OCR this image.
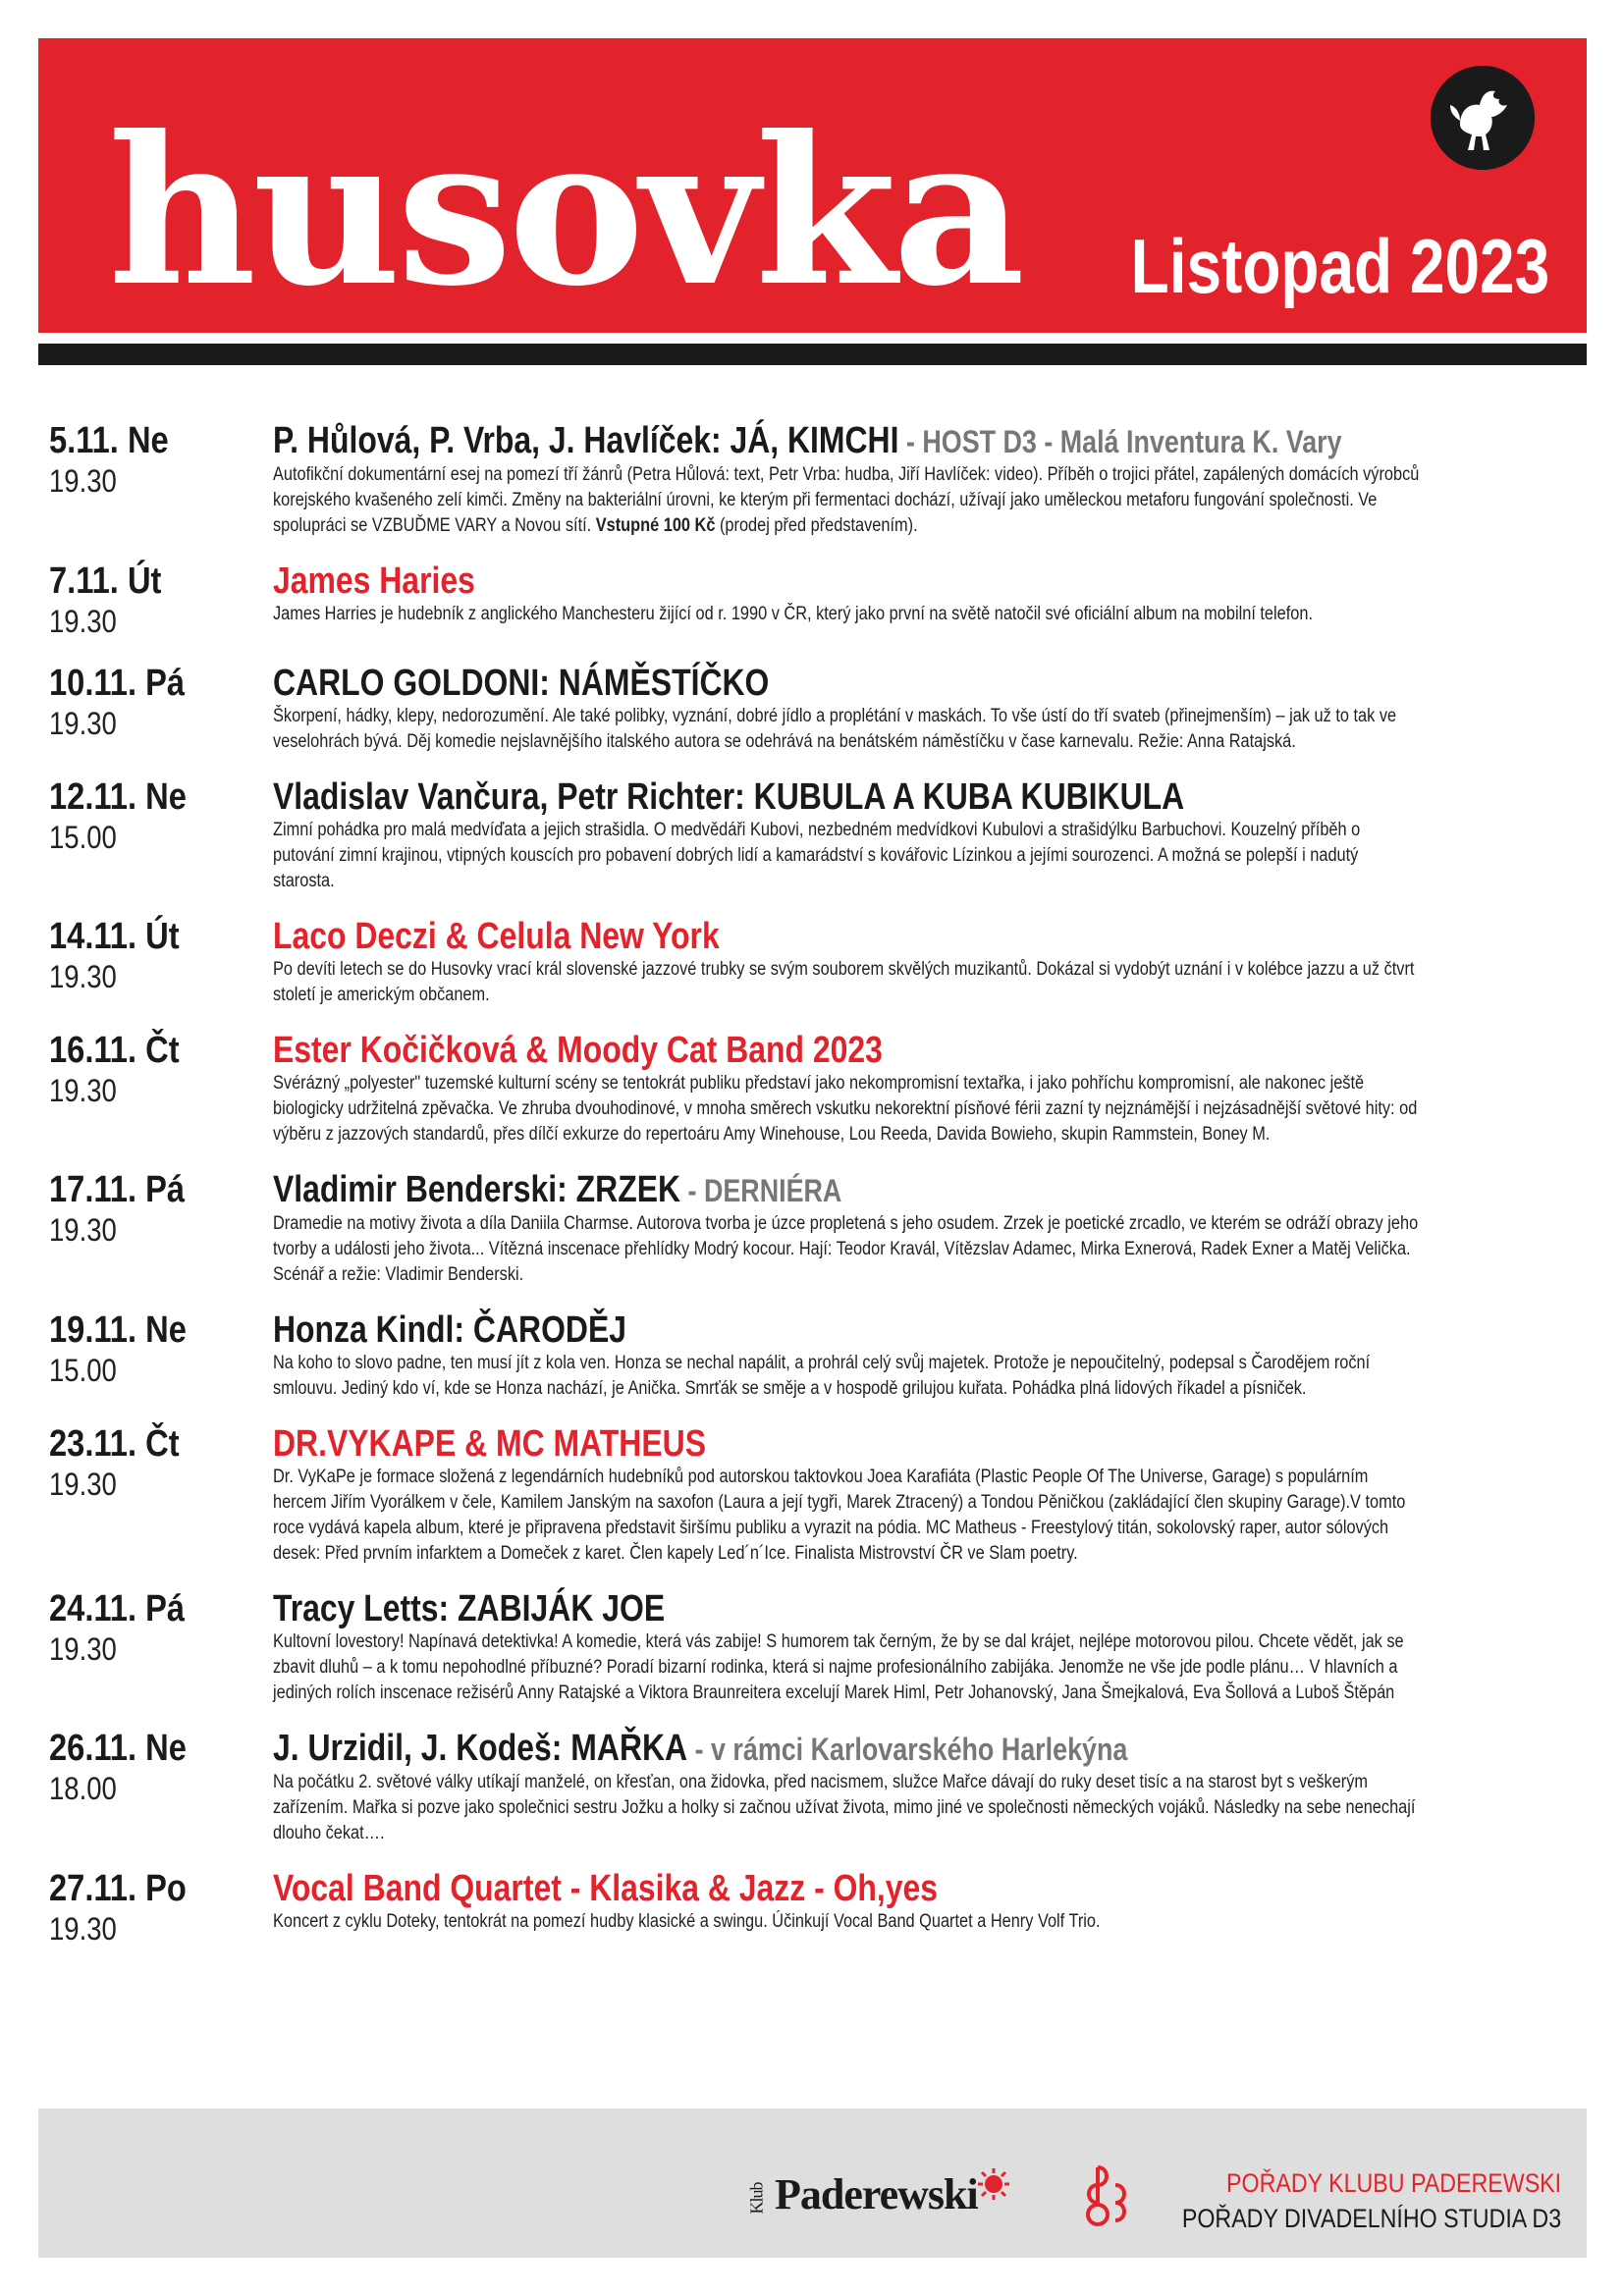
husovka Listopad 2023
5.11. Ne
19.30
P. Hůlová, P. Vrba, J. Havlíček: JÁ, KIMCHI - HOST D3 - Malá Inventura K. Vary
Autofikční dokumentární esej na pomezí tří žánrů (Petra Hůlová: text, Petr Vrba: hudba, Jiří Havlíček: video). Příběh o trojici přátel, zapálených domácích výrobců korejského kvašeného zelí kimči. Změny na bakteriální úrovni, ke kterým při fermentaci dochází, užívají jako uměleckou metaforu fungování společnosti. Ve spolupráci se VZBUĎME VARY a Novou sítí. Vstupné 100 Kč (prodej před představením).
7.11. Út
19.30
James Haries
James Harries je hudebník z anglického Manchesteru žijící od r. 1990 v ČR, který jako první na světě natočil své oficiální album na mobilní telefon.
10.11. Pá
19.30
CARLO GOLDONI: NÁMĚSTÍČKO
Škorpení, hádky, klepy, nedorozumění. Ale také polibky, vyznání, dobré jídlo a proplétání v maskách. To vše ústí do tří svateb (přinejmenším) – jak už to tak ve veselohrách bývá. Děj komedie nejslavnějšího italského autora se odehrává na benátském náměstíčku v čase karnevalu. Režie: Anna Ratajská.
12.11. Ne
15.00
Vladislav Vančura, Petr Richter: KUBULA A KUBA KUBIKULA
Zimní pohádka pro malá medvíďata a jejich strašidla. O medvědáři Kubovi, nezbedném medvídkovi Kubulovi a strašidýlku Barbuchovi. Kouzelný příběh o putování zimní krajinou, vtipných kouscích pro pobavení dobrých lidí a kamarádství s kovářovic Lízinkou a jejími sourozenci. A možná se polepší i nadutý starosta.
14.11. Út
19.30
Laco Deczi & Celula New York
Po devíti letech se do Husovky vrací král slovenské jazzové trubky se svým souborem skvělých muzikantů. Dokázal si vydobýt uznání i v kolébce jazzu a už čtvrt století je americkým občanem.
16.11. Čt
19.30
Ester Kočičková & Moody Cat Band 2023
Svérázný „polyester" tuzemské kulturní scény se tentokrát publiku představí jako nekompromisní textařka, i jako pohříchu kompromisní, ale nakonec ještě biologicky udržitelná zpěvačka. Ve zhruba dvouhodinové, v mnoha směrech vskutku nekorektní písňové férii zazní ty nejznámější i nejzásadnější světové hity: od výběru z jazzových standardů, přes dílčí exkurze do repertoáru Amy Winehouse, Lou Reeda, Davida Bowieho, skupin Rammstein, Boney M.
17.11. Pá
19.30
Vladimir Benderski: ZRZEK - DERNIÉRA
Dramedie na motivy života a díla Daniila Charmse. Autorova tvorba je úzce propletená s jeho osudem. Zrzek je poetické zrcadlo, ve kterém se odráží obrazy jeho tvorby a události jeho života... Vítězná inscenace přehlídky Modrý kocour. Hají: Teodor Kravál, Vítězslav Adamec, Mirka Exnerová, Radek Exner a Matěj Velička. Scénář a režie: Vladimir Benderski.
19.11. Ne
15.00
Honza Kindl: ČARODĚJ
Na koho to slovo padne, ten musí jít z kola ven. Honza se nechal napálit, a prohrál celý svůj majetek. Protože je nepoučitelný, podepsal s Čarodějem roční smlouvu. Jediný kdo ví, kde se Honza nachází, je Anička. Smrťák se směje a v hospodě grilujou kuřata. Pohádka plná lidových říkadel a písniček.
23.11. Čt
19.30
DR.VYKAPE & MC MATHEUS
Dr. VyKaPe je formace složená z legendárních hudebníků pod autorskou taktovkou Joea Karafiáta (Plastic People Of The Universe, Garage) s populárním hercem Jiřím Vyorálkem v čele, Kamilem Janským na saxofon (Laura a její tygři, Marek Ztracený) a Tondou Pěničkou (zakládající člen skupiny Garage).V tomto roce vydává kapela album, které je připravena představit širšímu publiku a vyrazit na pódia. MC Matheus - Freestylový titán, sokolovský raper, autor sólových desek: Před prvním infarktem a Domeček z karet. Člen kapely Led´n´Ice. Finalista Mistrovství ČR ve Slam poetry.
24.11. Pá
19.30
Tracy Letts: ZABIJÁK JOE
Kultovní lovestory! Napínavá detektivka! A komedie, která vás zabije! S humorem tak černým, že by se dal krájet, nejlépe motorovou pilou. Chcete vědět, jak se zbavit dluhů – a k tomu nepohodlné příbuzné? Poradí bizarní rodinka, která si najme profesionálního zabijáka. Jenomže ne vše jde podle plánu… V hlavních a jediných rolích inscenace režisérů Anny Ratajské a Viktora Braunreitera excelují Marek Himl, Petr Johanovský, Jana Šmejkalová, Eva Šollová a Luboš Štěpán
26.11. Ne
18.00
J. Urzidil, J. Kodeš: MAŘKA - v rámci Karlovarského Harlekýna
Na počátku 2. světové války utíkají manželé, on křesťan, ona židovka, před nacismem, služce Mařce dávají do ruky deset tisíc a na starost byt s veškerým zařízením. Mařka si pozve jako společnici sestru Jožku a holky si začnou užívat života, mimo jiné ve společnosti německých vojáků. Následky na sebe nenechají dlouho čekat….
27.11. Po
19.30
Vocal Band Quartet - Klasika & Jazz - Oh,yes
Koncert z cyklu Doteky, tentokrát na pomezí hudby klasické a swingu. Účinkují Vocal Band Quartet a Henry Volf Trio.
Klub Paderewski	POŘADY KLUBU PADEREWSKI
POŘADY DIVADELNÍHO STUDIA D3
